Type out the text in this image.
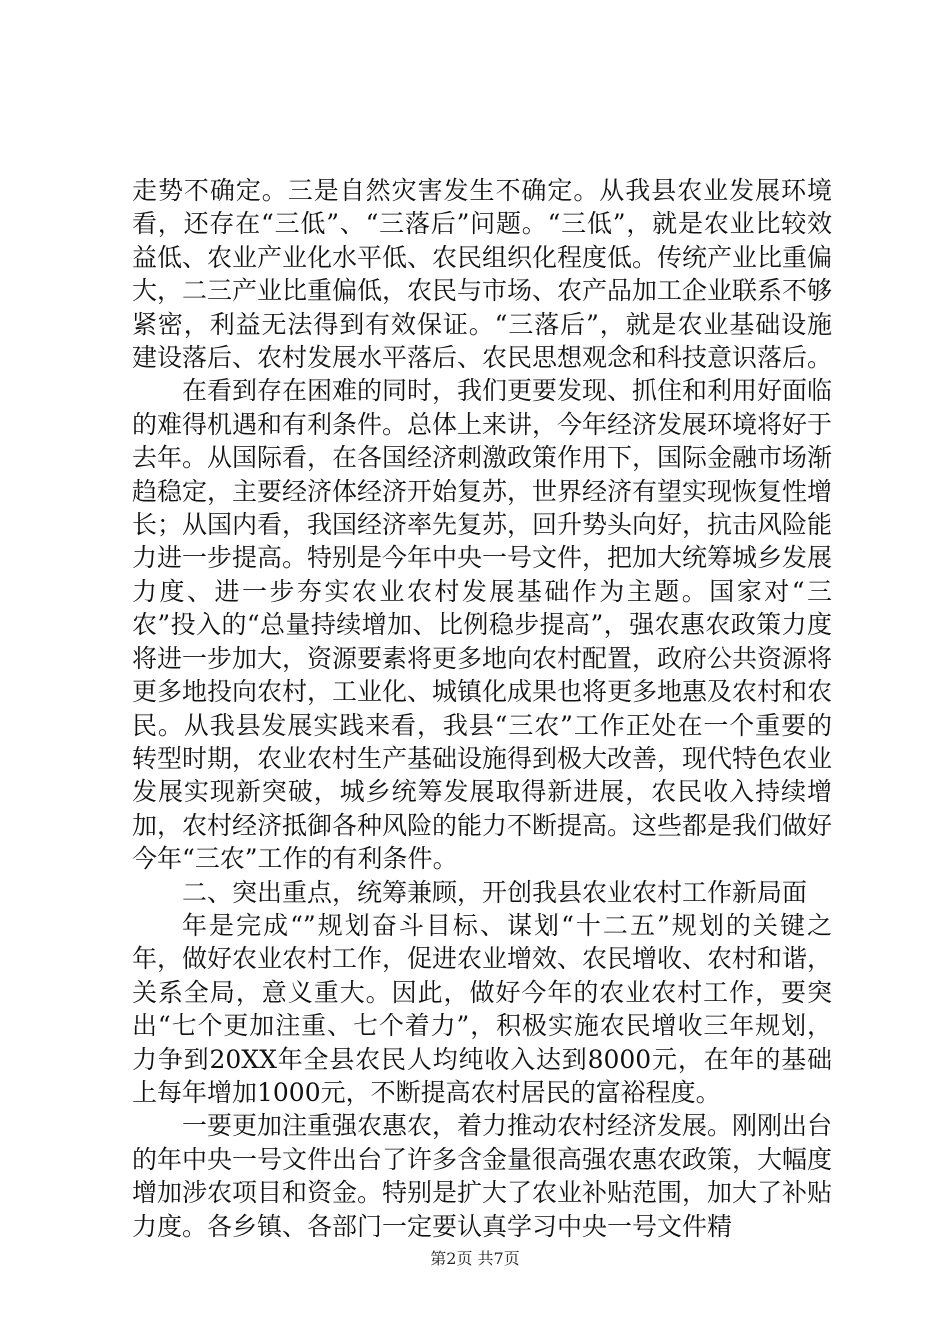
走势不确定。三是自然灾害发生不确定。从我县农业发展环境看，还存在“三低”、“三落后”问题。“三低”，就是农业比较效益低、农业产业化水平低、农民组织化程度低。传统产业比重偏大，二三产业比重偏低，农民与市场、农产品加工企业联系不够紧密，利益无法得到有效保证。“三落后”，就是农业基础设施建设落后、农村发展水平落后、农民思想观念和科技意识落后。

在看到存在困难的同时，我们更要发现、抓住和利用好面临的难得机遇和有利条件。总体上来讲，今年经济发展环境将好于去年。从国际看，在各国经济刺激政策作用下，国际金融市场渐趋稳定，主要经济体经济开始复苏，世界经济有望实现恢复性增长；从国内看，我国经济率先复苏，回升势头向好，抗击风险能力进一步提高。特别是今年中央一号文件，把加大统筹城乡发展力度、进一步夯实农业农村发展基础作为主题。国家对“三农”投入的“总量持续增加、比例稳步提高”，强农惠农政策力度将进一步加大，资源要素将更多地向农村配置，政府公共资源将更多地投向农村，工业化、城镇化成果也将更多地惠及农村和农民。从我县发展实践来看，我县“三农”工作正处在一个重要的转型时期，农业农村生产基础设施得到极大改善，现代特色农业发展实现新突破，城乡统筹发展取得新进展，农民收入持续增加，农村经济抵御各种风险的能力不断提高。这些都是我们做好今年“三农”工作的有利条件。

二、突出重点，统筹兼顾，开创我县农业农村工作新局面

年是完成“”规划奋斗目标、谋划“十二五”规划的关键之年，做好农业农村工作，促进农业增效、农民增收、农村和谐，关系全局，意义重大。因此，做好今年的农业农村工作，要突出“七个更加注重、七个着力”，积极实施农民增收三年规划，力争到20XX年全县农民人均纯收入达到8000元，在年的基础上每年增加1000元，不断提高农村居民的富裕程度。

一要更加注重强农惠农，着力推动农村经济发展。刚刚出台的年中央一号文件出台了许多含金量很高强农惠农政策，大幅度增加涉农项目和资金。特别是扩大了农业补贴范围，加大了补贴力度。各乡镇、各部门一定要认真学习中央一号文件精

第2页 共7页
